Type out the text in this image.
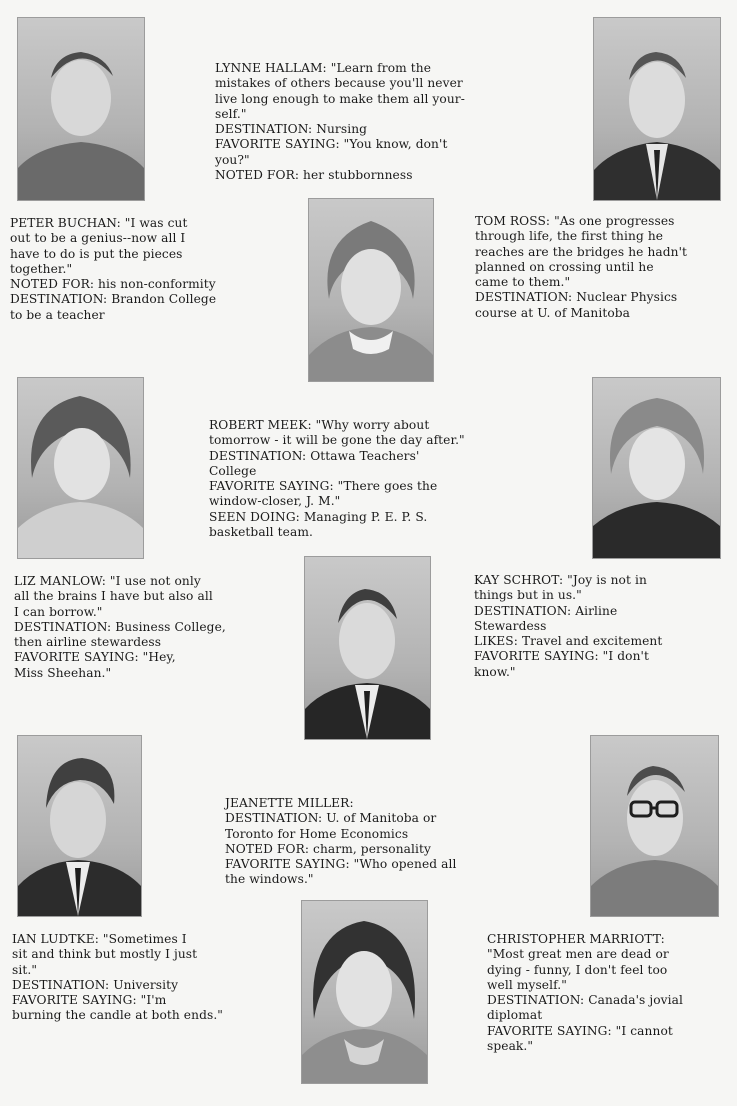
LYNNE HALLAM: "Learn from the

mistakes of others because you'll never

live long enough to make them all your-

self."

DESTINATION: Nursing

FAVORITE SAYING: "You know, don't

you?"

NOTED FOR: her stubbornness

PETER BUCHAN: "I was cut

out to be a genius--now all I

have to do is put the pieces

together."

NOTED FOR: his non-conformity

DESTINATION: Brandon College

to be a teacher

TOM ROSS: "As one progresses

through life, the first thing he

reaches are the bridges he hadn't

planned on crossing until he

came to them."

DESTINATION: Nuclear Physics

course at U. of Manitoba

ROBERT MEEK: "Why worry about

tomorrow - it will be gone the day after."

DESTINATION: Ottawa Teachers'

College

FAVORITE SAYING: "There goes the

window-closer, J. M."

SEEN DOING: Managing P. E. P. S.

basketball team.

LIZ MANLOW: "I use not only

all the brains I have but also all

I can borrow."

DESTINATION: Business College,

then airline stewardess

FAVORITE SAYING: "Hey,

Miss Sheehan."

KAY SCHROT: "Joy is not in

things but in us."

DESTINATION: Airline

Stewardess

LIKES: Travel and excitement

FAVORITE SAYING: "I don't

know."

JEANETTE MILLER:

DESTINATION: U. of Manitoba or

Toronto for Home Economics

NOTED FOR: charm, personality

FAVORITE SAYING: "Who opened all

the windows."

IAN LUDTKE: "Sometimes I

sit and think but mostly I just

sit."

DESTINATION: University

FAVORITE SAYING: "I'm

burning the candle at both ends."

CHRISTOPHER MARRIOTT:

"Most great men are dead or

dying - funny, I don't feel too

well myself."

DESTINATION: Canada's jovial

diplomat

FAVORITE SAYING: "I cannot

speak."
